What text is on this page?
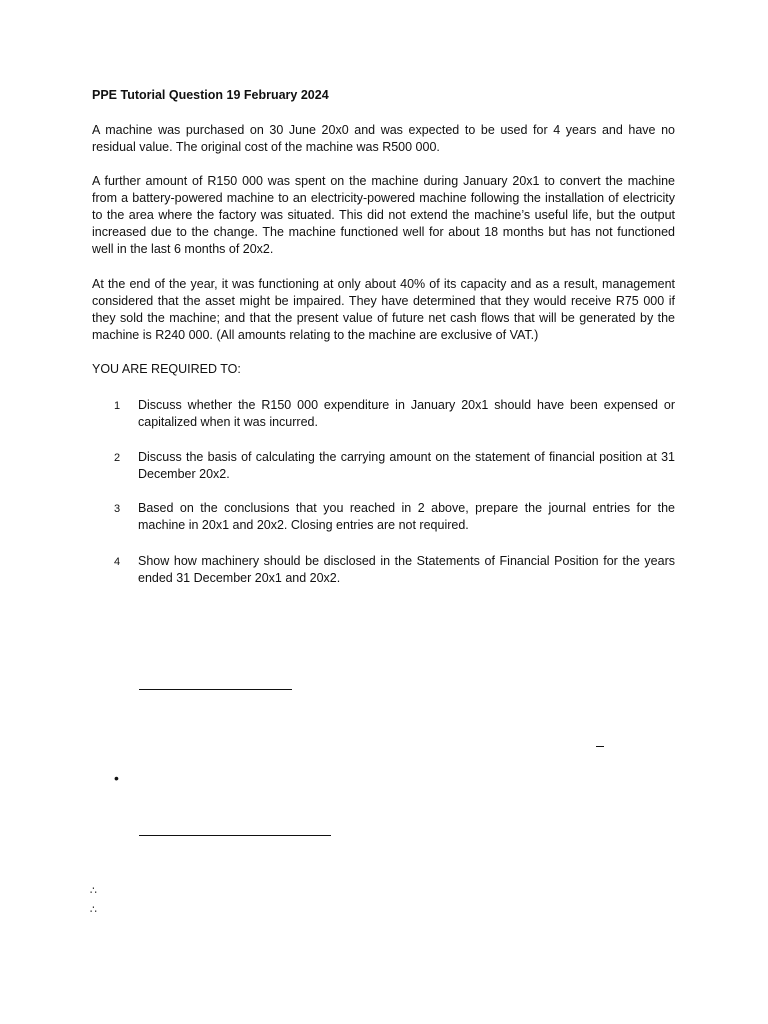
PPE Tutorial Question 19 February 2024

A machine was purchased on 30 June 20x0 and was expected to be used for 4 years and have no residual value. The original cost of the machine was R500 000.

A further amount of R150 000 was spent on the machine during January 20x1 to convert the machine from a battery-powered machine to an electricity-powered machine following the installation of electricity to the area where the factory was situated. This did not extend the machine’s useful life, but the output increased due to the change. The machine functioned well for about 18 months but has not functioned well in the last 6 months of 20x2.

At the end of the year, it was functioning at only about 40% of its capacity and as a result, management considered that the asset might be impaired. They have determined that they would receive R75 000 if they sold the machine; and that the present value of future net cash flows that will be generated by the machine is R240 000. (All amounts relating to the machine are exclusive of VAT.)

YOU ARE REQUIRED TO:
1 Discuss whether the R150 000 expenditure in January 20x1 should have been expensed or capitalized when it was incurred.
2 Discuss the basis of calculating the carrying amount on the statement of financial position at 31 December 20x2.
3 Based on the conclusions that you reached in 2 above, prepare the journal entries for the machine in 20x1 and 20x2. Closing entries are not required.
4 Show how machinery should be disclosed in the Statements of Financial Position for the years ended 31 December 20x1 and 20x2.
•
∴
∴
